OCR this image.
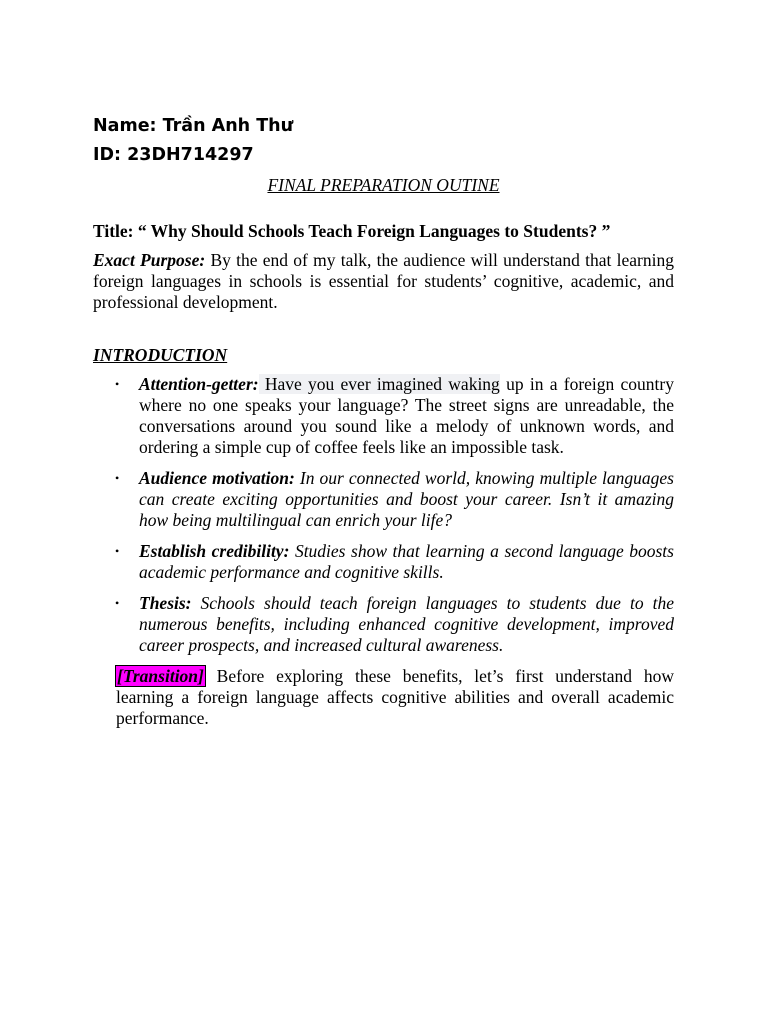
Name: Trần Anh Thư
ID: 23DH714297
FINAL PREPARATION OUTINE
Title: “ Why Should Schools Teach Foreign Languages to Students? ”
Exact Purpose: By the end of my talk, the audience will understand that learning foreign languages in schools is essential for students’ cognitive, academic, and professional development.
INTRODUCTION
• Attention-getter: Have you ever imagined waking up in a foreign country where no one speaks your language? The street signs are unreadable, the conversations around you sound like a melody of unknown words, and ordering a simple cup of coffee feels like an impossible task.
• Audience motivation: In our connected world, knowing multiple languages can create exciting opportunities and boost your career. Isn’t it amazing how being multilingual can enrich your life?
• Establish credibility: Studies show that learning a second language boosts academic performance and cognitive skills.
• Thesis: Schools should teach foreign languages to students due to the numerous benefits, including enhanced cognitive development, improved career prospects, and increased cultural awareness.
[Transition] Before exploring these benefits, let’s first understand how learning a foreign language affects cognitive abilities and overall academic performance.
